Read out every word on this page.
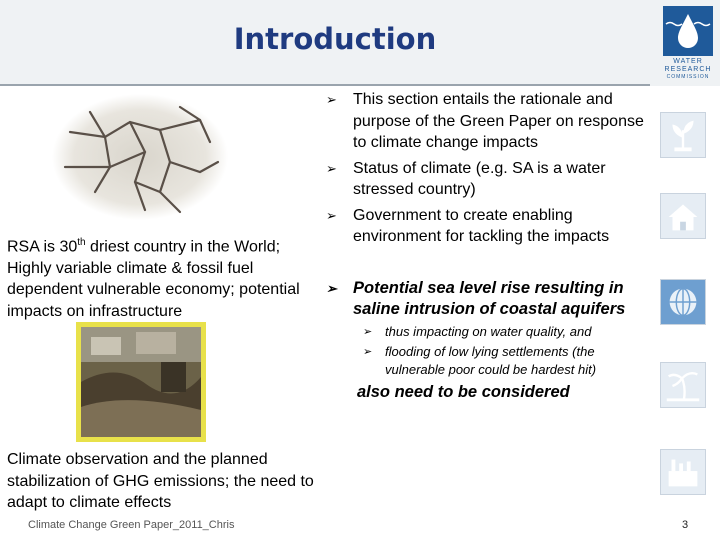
Introduction
WATER
RESEARCH
COMMISSION
RSA is 30th driest country in the World; Highly variable climate & fossil fuel dependent vulnerable economy; potential impacts on infrastructure
Climate observation and the planned stabilization of GHG emissions; the need to adapt to climate effects
➢ This section entails the rationale and purpose of the Green Paper on response to climate change impacts
➢ Status of climate (e.g. SA is a water stressed country)
➢ Government to create enabling environment for tackling the impacts
➢ Potential sea level rise resulting in saline intrusion of coastal aquifers
➢ thus impacting on water quality, and
➢ flooding of low lying settlements (the vulnerable poor could be hardest hit)
also need to be considered
Climate Change Green Paper_2011_Chris	3
